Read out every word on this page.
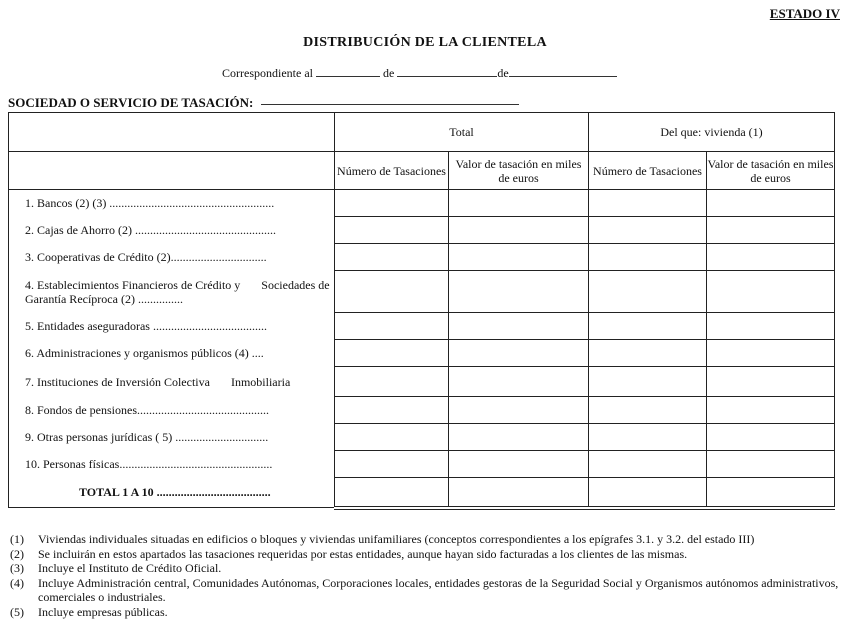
ESTADO IV
DISTRIBUCIÓN DE LA CLIENTELA
Correspondiente al	de	de
SOCIEDAD O SERVICIO DE TASACIÓN:
	Total		Del que: vivienda (1)	
	Número de Tasaciones	Valor de tasación en miles de euros	Número de Tasaciones	Valor de tasación en miles de euros
1. Bancos (2) (3) .......................................................				
2. Cajas de Ahorro (2) ...............................................				
3. Cooperativas de Crédito (2)................................				
4. Establecimientos Financieros de Crédito y       Sociedades de Garantía Recíproca (2) ...............				
5. Entidades aseguradoras ......................................				
6. Administraciones y organismos públicos (4) ....				
7. Instituciones de Inversión Colectiva       Inmobiliaria				
8. Fondos de pensiones............................................				
9. Otras personas jurídicas ( 5) ...............................				
10. Personas físicas...................................................				
TOTAL 1 A 10 ......................................				
(1)	Viviendas individuales situadas en edificios o bloques y viviendas unifamiliares (conceptos correspondientes a los epígrafes 3.1. y 3.2. del estado III)
(2)	Se incluirán en estos apartados las tasaciones requeridas por estas entidades, aunque hayan sido facturadas a los clientes de las mismas.
(3)	Incluye el Instituto de Crédito Oficial.
(4)	Incluye Administración central, Comunidades Autónomas, Corporaciones locales, entidades gestoras de la Seguridad Social y Organismos autónomos administrativos, comerciales o industriales.
(5)	Incluye empresas públicas.
